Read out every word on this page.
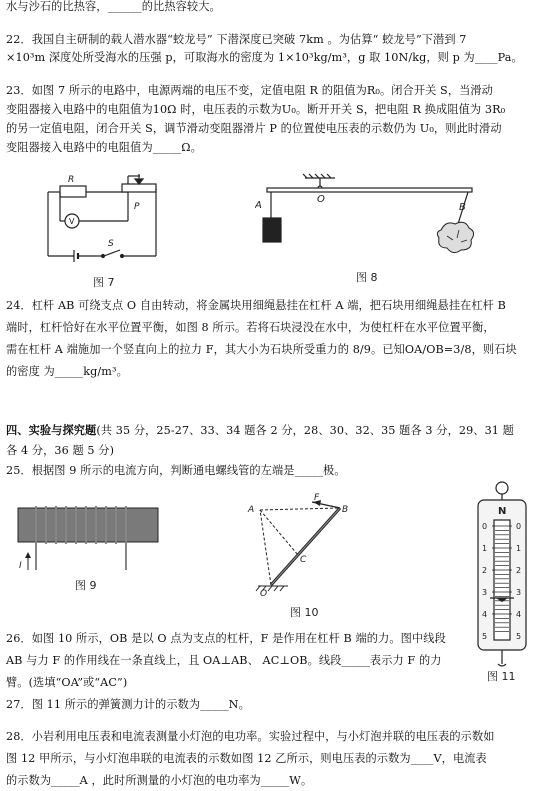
水与沙石的比热容，______的比热容较大。
22．我国自主研制的载人潜水器“蛟龙号” 下潜深度已突破 7km 。为估算“ 蛟龙号”下潜到 7
×10³m 深度处所受海水的压强 p，可取海水的密度为 1×10³kg/m³，g 取 10N/kg，则 p 为____Pa。
23．如图 7 所示的电路中，电源两端的电压不变，定值电阻 R 的阻值为R₀。闭合开关 S，当滑动
变阻器接入电路中的电阻值为10Ω 时，电压表的示数为U₀。断开开关 S，把电阻 R 换成阻值为 3R₀
的另一定值电阻，闭合开关 S，调节滑动变阻器滑片 P 的位置使电压表的示数仍为 U₀，则此时滑动
变阻器接入电路中的电阻值为_____Ω。
R
P
V
S
图 7
A
O
B
图 8
24．杠杆 AB 可绕支点 O 自由转动，将金属块用细绳悬挂在杠杆 A 端，把石块用细绳悬挂在杠杆 B
端时，杠杆恰好在水平位置平衡，如图 8 所示。若将石块浸没在水中，为使杠杆在水平位置平衡，
需在杠杆 A 端施加一个竖直向上的拉力 F，其大小为石块所受重力的 8/9。已知OA/OB=3/8，则石块
的密度 为_____kg/m³。
四、实验与探究题(共 35 分，25-27、33、34 题各 2 分，28、30、32、35 题各 3 分，29、31 题
各 4 分，36 题 5 分)
25．根据图 9 所示的电流方向，判断通电螺线管的左端是_____极。
I
图 9
F
A	B
C
O
图 10
0	0
1	1
2	2
3	3
4	4
5	5
N
图 11
26．如图 10 所示，OB 是以 O 点为支点的杠杆，F 是作用在杠杆 B 端的力。图中线段
AB 与力 F 的作用线在一条直线上，且 OA⊥AB、 AC⊥OB。线段_____表示力 F 的力
臂。(选填“OA”或“AC”)
27．图 11 所示的弹簧测力计的示数为_____N。
28．小岩利用电压表和电流表测量小灯泡的电功率。实验过程中，与小灯泡并联的电压表的示数如
图 12 甲所示，与小灯泡串联的电流表的示数如图 12 乙所示，则电压表的示数为____V，电流表
的示数为_____A ，此时所测量的小灯泡的电功率为_____W。
